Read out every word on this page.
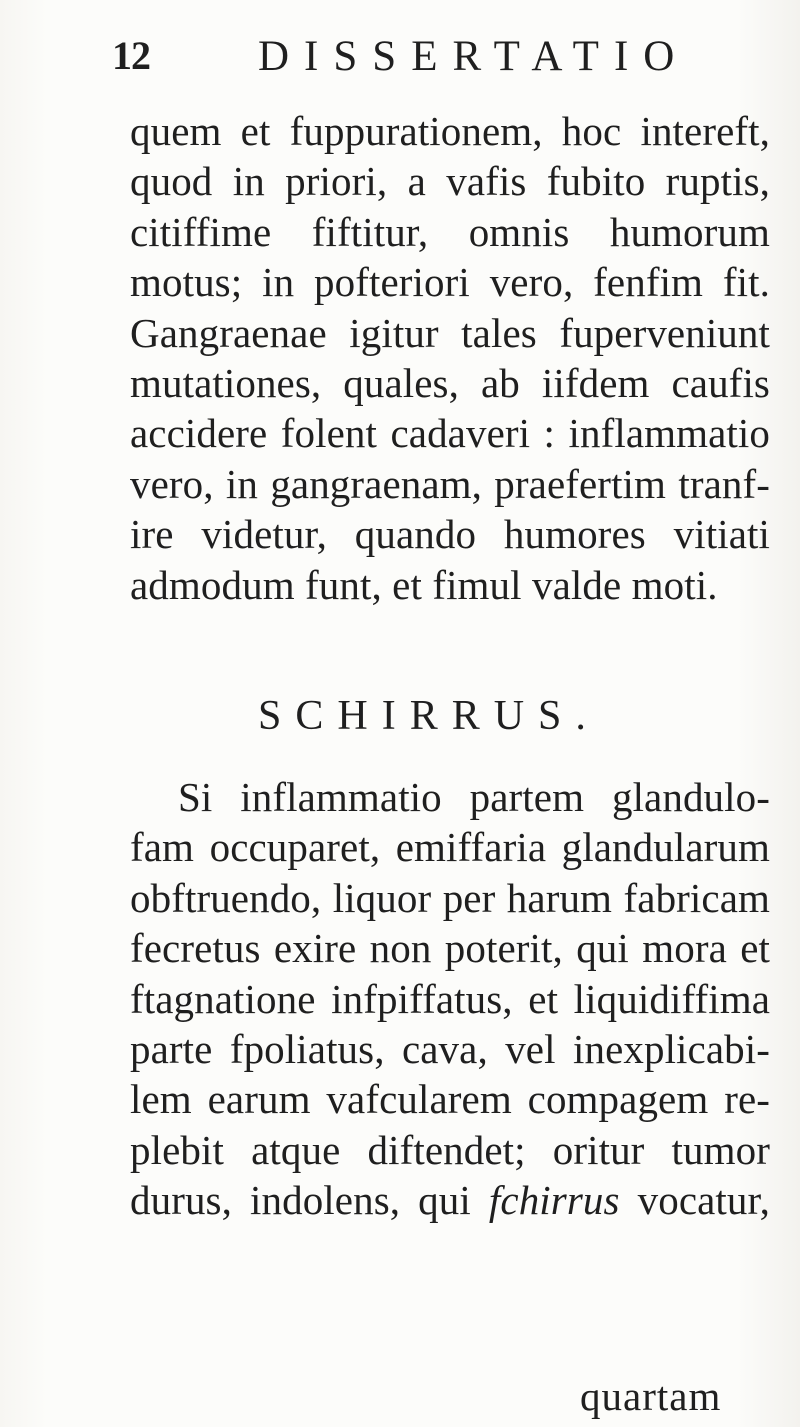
12	DISSERTATIO
quem et fuppurationem, hoc intereft,
quod in priori, a vafis fubito ruptis,
citiffime fiftitur, omnis humorum
motus; in pofteriori vero, fenfim fit.
Gangraenae igitur tales fuperveniunt
mutationes, quales, ab iifdem caufis
accidere folent cadaveri : inflammatio
vero, in gangraenam, praefertim tranf-
ire videtur, quando humores vitiati
admodum funt, et fimul valde moti.
SCHIRRUS.
Si inflammatio partem glandulo-
fam occuparet, emiffaria glandularum
obftruendo, liquor per harum fabricam
fecretus exire non poterit, qui mora et
ftagnatione infpiffatus, et liquidiffima
parte fpoliatus, cava, vel inexplicabi-
lem earum vafcularem compagem re-
plebit atque diftendet; oritur tumor
durus, indolens, qui fchirrus vocatur,
quartam
